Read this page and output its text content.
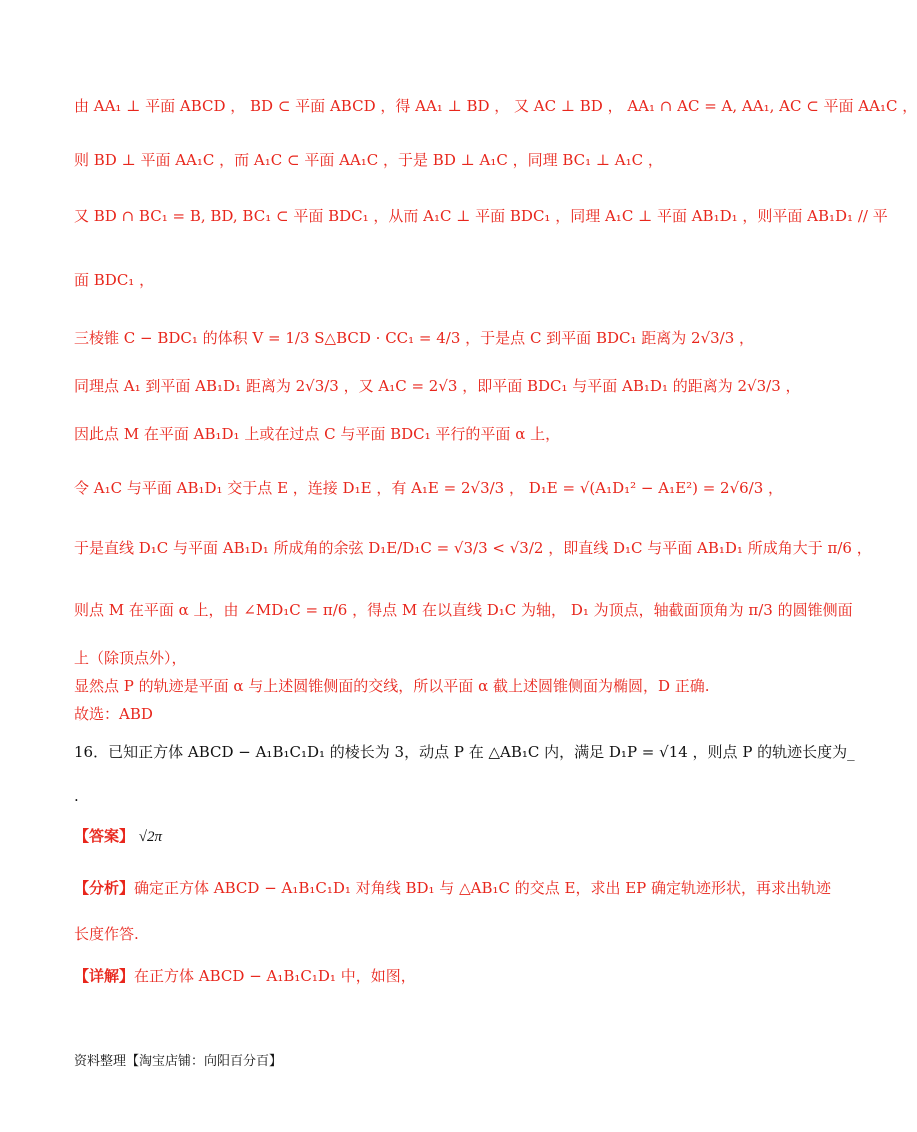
由 AA₁ ⊥ 平面 ABCD ， BD ⊂ 平面 ABCD ，得 AA₁ ⊥ BD ， 又 AC ⊥ BD ， AA₁ ∩ AC = A, AA₁, AC ⊂ 平面 AA₁C ，
则 BD ⊥ 平面 AA₁C ，而 A₁C ⊂ 平面 AA₁C ，于是 BD ⊥ A₁C ，同理 BC₁ ⊥ A₁C ，
又 BD ∩ BC₁ = B, BD, BC₁ ⊂ 平面 BDC₁ ，从而 A₁C ⊥ 平面 BDC₁ ，同理 A₁C ⊥ 平面 AB₁D₁ ，则平面 AB₁D₁ // 平
面 BDC₁ ，
三棱锥 C − BDC₁ 的体积 V = 1/3 S△BCD · CC₁ = 4/3 ，于是点 C 到平面 BDC₁ 距离为 2√3/3 ，
同理点 A₁ 到平面 AB₁D₁ 距离为 2√3/3 ，又 A₁C = 2√3 ，即平面 BDC₁ 与平面 AB₁D₁ 的距离为 2√3/3 ，
因此点 M 在平面 AB₁D₁ 上或在过点 C 与平面 BDC₁ 平行的平面 α 上，
令 A₁C 与平面 AB₁D₁ 交于点 E ，连接 D₁E ，有 A₁E = 2√3/3 ， D₁E = √(A₁D₁² − A₁E²) = 2√6/3 ，
于是直线 D₁C 与平面 AB₁D₁ 所成角的余弦 D₁E/D₁C = √3/3 < √3/2 ，即直线 D₁C 与平面 AB₁D₁ 所成角大于 π/6 ，
则点 M 在平面 α 上，由 ∠MD₁C = π/6 ，得点 M 在以直线 D₁C 为轴， D₁ 为顶点，轴截面顶角为 π/3 的圆锥侧面
上（除顶点外），
显然点 P 的轨迹是平面 α 与上述圆锥侧面的交线，所以平面 α 截上述圆锥侧面为椭圆，D 正确.
故选：ABD
16．已知正方体 ABCD − A₁B₁C₁D₁ 的棱长为 3，动点 P 在 △AB₁C 内，满足 D₁P = √14 ，则点 P 的轨迹长度为_
.
【答案】 √2π
【分析】确定正方体 ABCD − A₁B₁C₁D₁ 对角线 BD₁ 与 △AB₁C 的交点 E，求出 EP 确定轨迹形状，再求出轨迹
长度作答.
【详解】在正方体 ABCD − A₁B₁C₁D₁ 中，如图，
资料整理【淘宝店铺：向阳百分百】
